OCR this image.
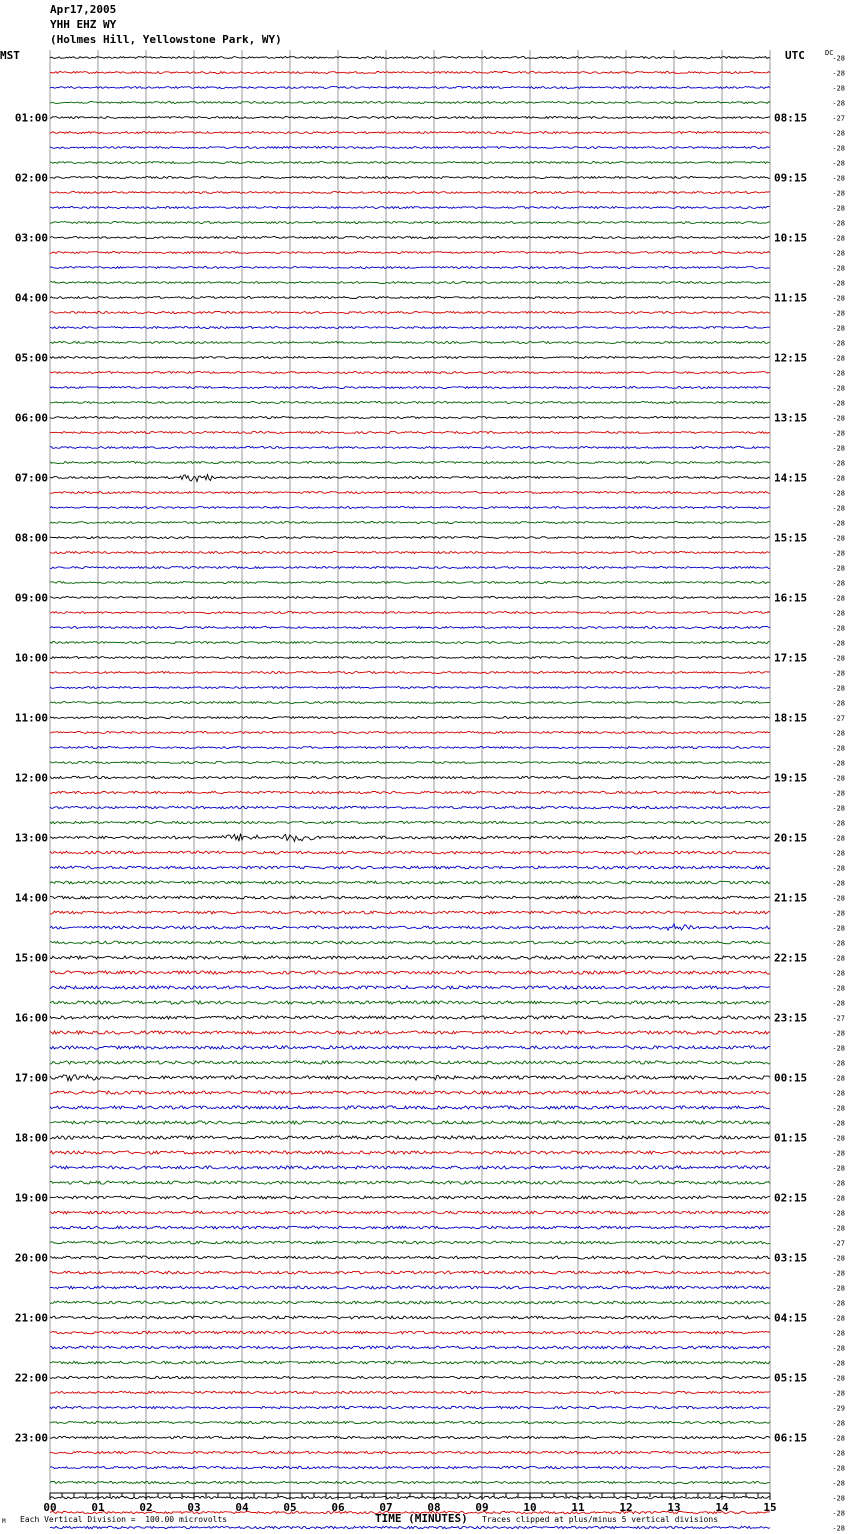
Apr17,2005
YHH EHZ WY
(Holmes Hill, Yellowstone Park, WY)
MST	UTC	DC
-28
-28
-28
-28
-27
-28
-28
-28
-28
-28
-28
-28
-28
-28
-28
-28
-28
-28
-28
-28
-28
-28
-28
-28
-28
-28
-28
-28
-28
-28
-28
-28
-28
-28
-28
-28
-28
-28
-28
-28
-28
-28
-28
-28
-27
-28
-28
-28
-28
-28
-28
-28
-28
-28
-28
-28
-28
-28
-28
-28
-28
-28
-28
-28
-27
-28
-28
-28
-28
-28
-28
-28
-28
-28
-28
-28
-28
-28
-28
-27
-28
-28
-28
-28
-28
-28
-28
-28
-28
-28
-29
-28
-28
-28
-28
-28
-28
-28
-28
01:00	08:15
02:00	09:15
03:00	10:15
04:00	11:15
05:00	12:15
06:00	13:15
07:00	14:15
08:00	15:15
09:00	16:15
10:00	17:15
11:00	18:15
12:00	19:15
13:00	20:15
14:00	21:15
15:00	22:15
16:00	23:15
17:00	00:15
18:00	01:15
19:00	02:15
20:00	03:15
21:00	04:15
22:00	05:15
23:00	06:15
00	01	02	03	04	05	06	07	08	09	10	11	12	13	14	15
M Each Vertical Division =  100.00 microvolts	TIME (MINUTES) Traces clipped at plus/minus 5 vertical divisions
